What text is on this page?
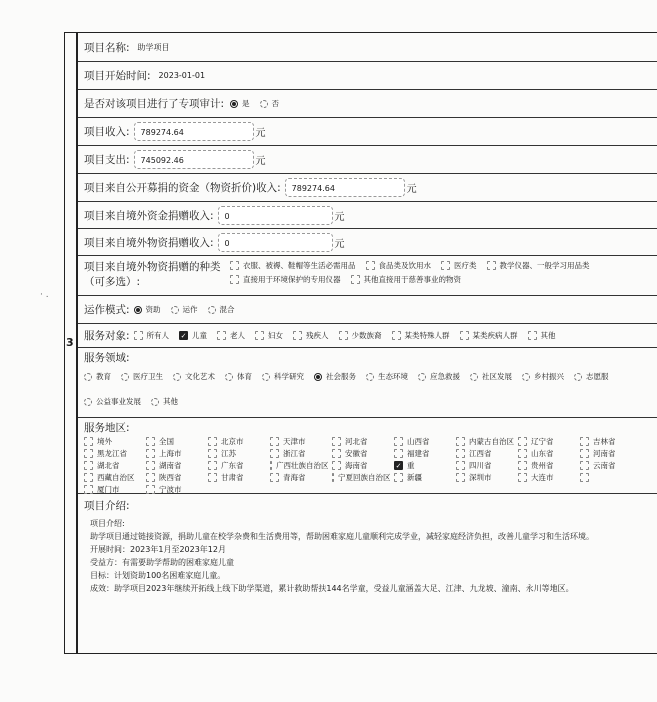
3
· .
项目名称: 助学项目
项目开始时间: 2023-01-01
是否对该项目进行了专项审计: 是	否
项目收入:	789274.64	元
项目支出:	745092.46	元
项目来自公开募捐的资金（物资折价)收入:	789274.64	元
项目来自境外资金捐赠收入:	0	元
项目来自境外物资捐赠收入:	0	元
项目来自境外物资捐赠的种类
（可多选）:
衣服、被褥、鞋帽等生活必需用品	食品类及饮用水	医疗类	教学仪器、一般学习用品类
直接用于环境保护的专用仪器	其他直接用于慈善事业的物资
运作模式: 资助	运作	混合
服务对象: 所有人 ✓ 儿童	老人	妇女	残疾人	少数族裔	某类特殊人群	某类疾病人群	其他
服务领域:
教育	医疗卫生	文化艺术	体育	科学研究	社会服务	生态环境	应急救援	社区发展	乡村振兴	志愿服
公益事业发展	其他
服务地区:
境外	全国	北京市	天津市	河北省	山西省	内蒙古自治区 辽宁省	吉林省
黑龙江省	上海市	江苏	浙江省	安徽省	福建省	江西省	山东省	河南省
湖北省	湖南省	广东省	广西壮族自治区 海南省	✓ 重	四川省	贵州省	云南省
西藏自治区	陕西省	甘肃省	青海省	宁夏回族自治区 新疆	深圳市	大连市
厦门市	宁波市
项目介绍:
项目介绍:
助学项目通过链接资源，捐助儿童在校学杂费和生活费用等，帮助困难家庭儿童顺利完成学业，减轻家庭经济负担，改善儿童学习和生活环境。
开展时间：2023年1月至2023年12月
受益方：有需要助学帮助的困难家庭儿童
目标：计划资助100名困难家庭儿童。
成效：助学项目2023年继续开拓线上线下助学渠道，累计救助帮扶144名学童，受益儿童涵盖大足、江津、九龙坡、潼南、永川等地区。
